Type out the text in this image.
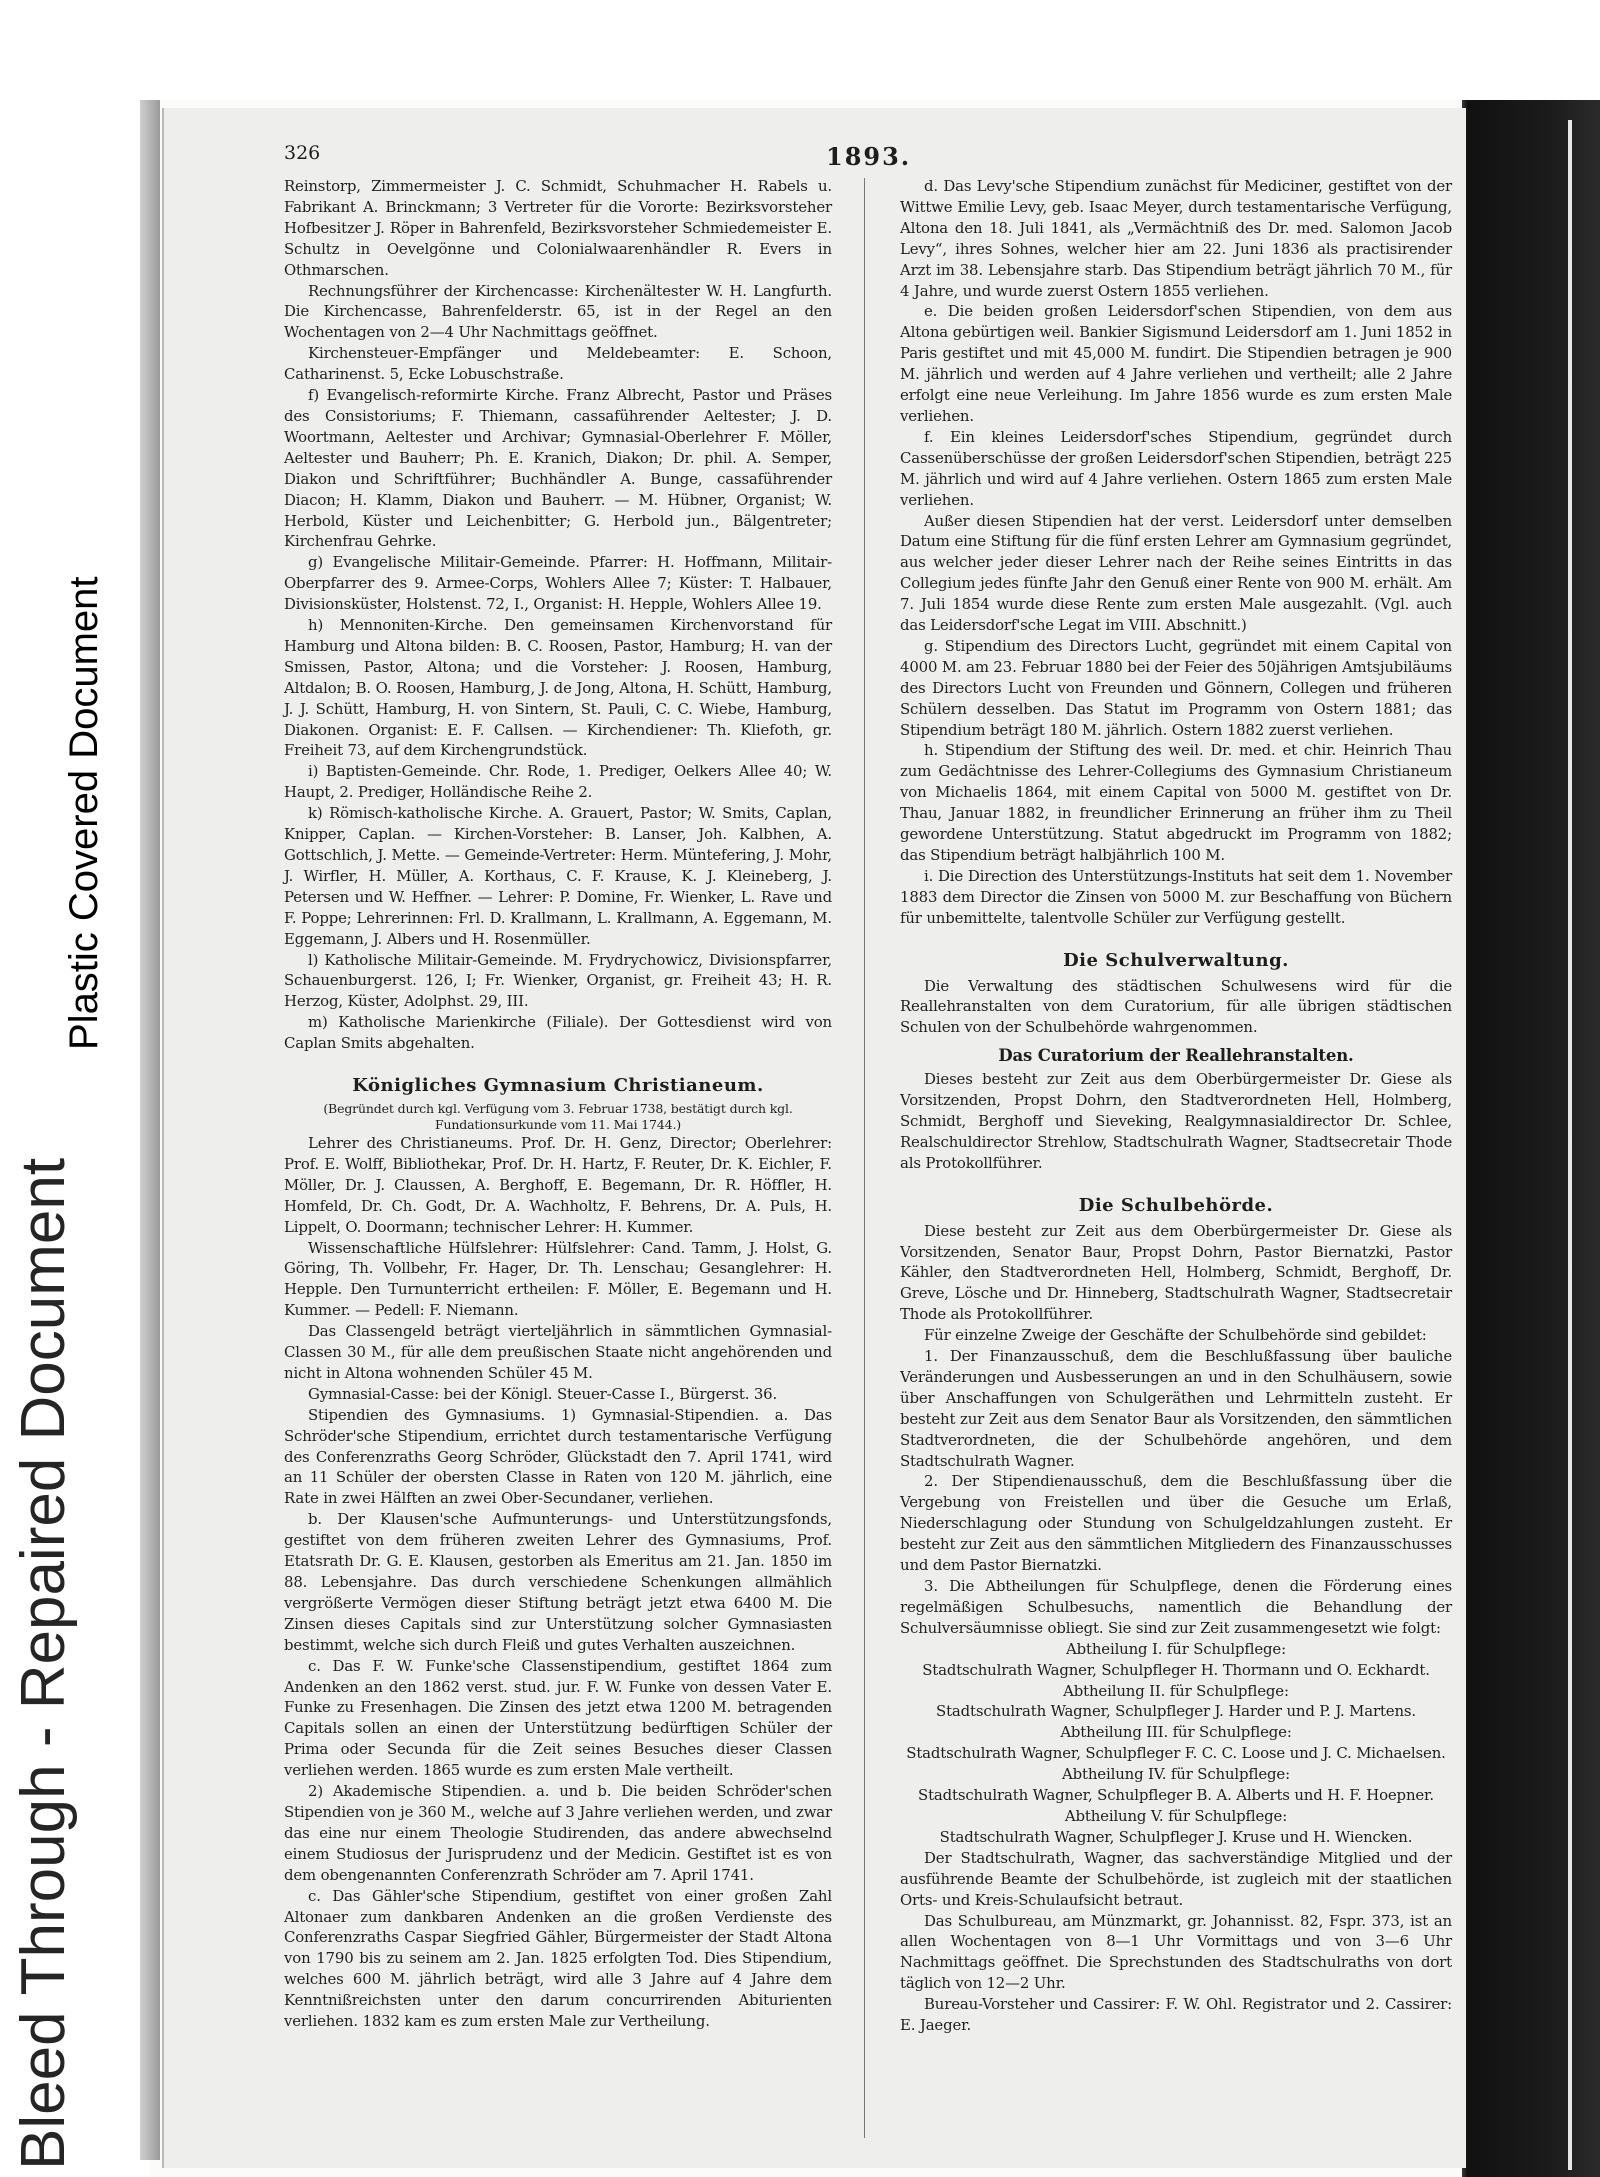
Bleed Through - Repaired Document
Plastic Covered Document
326	1893.

Reinstorp, Zimmermeister J. C. Schmidt, Schuhmacher H. Rabels u. Fabrikant A. Brinckmann; 3 Vertreter für die Vororte: Bezirksvorsteher Hofbesitzer J. Röper in Bahrenfeld, Bezirksvorsteher Schmiedemeister E. Schultz in Oevelgönne und Colonialwaarenhändler R. Evers in Othmarschen.

Rechnungsführer der Kirchencasse: Kirchenältester W. H. Langfurth. Die Kirchencasse, Bahrenfelderstr. 65, ist in der Regel an den Wochentagen von 2—4 Uhr Nachmittags geöffnet.

Kirchensteuer-Empfänger und Meldebeamter: E. Schoon, Catharinenst. 5, Ecke Lobuschstraße.

f) Evangelisch-reformirte Kirche. Franz Albrecht, Pastor und Präses des Consistoriums; F. Thiemann, cassaführender Aeltester; J. D. Woortmann, Aeltester und Archivar; Gymnasial-Oberlehrer F. Möller, Aeltester und Bauherr; Ph. E. Kranich, Diakon; Dr. phil. A. Semper, Diakon und Schriftführer; Buchhändler A. Bunge, cassaführender Diacon; H. Klamm, Diakon und Bauherr. — M. Hübner, Organist; W. Herbold, Küster und Leichenbitter; G. Herbold jun., Bälgentreter; Kirchenfrau Gehrke.

g) Evangelische Militair-Gemeinde. Pfarrer: H. Hoffmann, Militair-Oberpfarrer des 9. Armee-Corps, Wohlers Allee 7; Küster: T. Halbauer, Divisionsküster, Holstenst. 72, I., Organist: H. Hepple, Wohlers Allee 19.

h) Mennoniten-Kirche. Den gemeinsamen Kirchenvorstand für Hamburg und Altona bilden: B. C. Roosen, Pastor, Hamburg; H. van der Smissen, Pastor, Altona; und die Vorsteher: J. Roosen, Hamburg, Altdalon; B. O. Roosen, Hamburg, J. de Jong, Altona, H. Schütt, Hamburg, J. J. Schütt, Hamburg, H. von Sintern, St. Pauli, C. C. Wiebe, Hamburg, Diakonen. Organist: E. F. Callsen. — Kirchendiener: Th. Kliefoth, gr. Freiheit 73, auf dem Kirchengrundstück.

i) Baptisten-Gemeinde. Chr. Rode, 1. Prediger, Oelkers Allee 40; W. Haupt, 2. Prediger, Holländische Reihe 2.

k) Römisch-katholische Kirche. A. Grauert, Pastor; W. Smits, Caplan, Knipper, Caplan. — Kirchen-Vorsteher: B. Lanser, Joh. Kalbhen, A. Gottschlich, J. Mette. — Gemeinde-Vertreter: Herm. Müntefering, J. Mohr, J. Wirfler, H. Müller, A. Korthaus, C. F. Krause, K. J. Kleineberg, J. Petersen und W. Heffner. — Lehrer: P. Domine, Fr. Wienker, L. Rave und F. Poppe; Lehrerinnen: Frl. D. Krallmann, L. Krallmann, A. Eggemann, M. Eggemann, J. Albers und H. Rosenmüller.

l) Katholische Militair-Gemeinde. M. Frydrychowicz, Divisionspfarrer, Schauenburgerst. 126, I; Fr. Wienker, Organist, gr. Freiheit 43; H. R. Herzog, Küster, Adolphst. 29, III.

m) Katholische Marienkirche (Filiale). Der Gottesdienst wird von Caplan Smits abgehalten.

Königliches Gymnasium Christianeum.

(Begründet durch kgl. Verfügung vom 3. Februar 1738, bestätigt durch kgl. Fundationsurkunde vom 11. Mai 1744.)

Lehrer des Christianeums. Prof. Dr. H. Genz, Director; Oberlehrer: Prof. E. Wolff, Bibliothekar, Prof. Dr. H. Hartz, F. Reuter, Dr. K. Eichler, F. Möller, Dr. J. Claussen, A. Berghoff, E. Begemann, Dr. R. Höffler, H. Homfeld, Dr. Ch. Godt, Dr. A. Wachholtz, F. Behrens, Dr. A. Puls, H. Lippelt, O. Doormann; technischer Lehrer: H. Kummer.

Wissenschaftliche Hülfslehrer: Hülfslehrer: Cand. Tamm, J. Holst, G. Göring, Th. Vollbehr, Fr. Hager, Dr. Th. Lenschau; Gesanglehrer: H. Hepple. Den Turnunterricht ertheilen: F. Möller, E. Begemann und H. Kummer. — Pedell: F. Niemann.

Das Classengeld beträgt vierteljährlich in sämmtlichen Gymnasial-Classen 30 M., für alle dem preußischen Staate nicht angehörenden und nicht in Altona wohnenden Schüler 45 M.

Gymnasial-Casse: bei der Königl. Steuer-Casse I., Bürgerst. 36.

Stipendien des Gymnasiums. 1) Gymnasial-Stipendien. a. Das Schröder'sche Stipendium, errichtet durch testamentarische Verfügung des Conferenzraths Georg Schröder, Glückstadt den 7. April 1741, wird an 11 Schüler der obersten Classe in Raten von 120 M. jährlich, eine Rate in zwei Hälften an zwei Ober-Secundaner, verliehen.

b. Der Klausen'sche Aufmunterungs- und Unterstützungsfonds, gestiftet von dem früheren zweiten Lehrer des Gymnasiums, Prof. Etatsrath Dr. G. E. Klausen, gestorben als Emeritus am 21. Jan. 1850 im 88. Lebensjahre. Das durch verschiedene Schenkungen allmählich vergrößerte Vermögen dieser Stiftung beträgt jetzt etwa 6400 M. Die Zinsen dieses Capitals sind zur Unterstützung solcher Gymnasiasten bestimmt, welche sich durch Fleiß und gutes Verhalten auszeichnen.

c. Das F. W. Funke'sche Classenstipendium, gestiftet 1864 zum Andenken an den 1862 verst. stud. jur. F. W. Funke von dessen Vater E. Funke zu Fresenhagen. Die Zinsen des jetzt etwa 1200 M. betragenden Capitals sollen an einen der Unterstützung bedürftigen Schüler der Prima oder Secunda für die Zeit seines Besuches dieser Classen verliehen werden. 1865 wurde es zum ersten Male vertheilt.

2) Akademische Stipendien. a. und b. Die beiden Schröder'schen Stipendien von je 360 M., welche auf 3 Jahre verliehen werden, und zwar das eine nur einem Theologie Studirenden, das andere abwechselnd einem Studiosus der Jurisprudenz und der Medicin. Gestiftet ist es von dem obengenannten Conferenzrath Schröder am 7. April 1741.

c. Das Gähler'sche Stipendium, gestiftet von einer großen Zahl Altonaer zum dankbaren Andenken an die großen Verdienste des Conferenzraths Caspar Siegfried Gähler, Bürgermeister der Stadt Altona von 1790 bis zu seinem am 2. Jan. 1825 erfolgten Tod. Dies Stipendium, welches 600 M. jährlich beträgt, wird alle 3 Jahre auf 4 Jahre dem Kenntnißreichsten unter den darum concurrirenden Abiturienten verliehen. 1832 kam es zum ersten Male zur Vertheilung.

d. Das Levy'sche Stipendium zunächst für Mediciner, gestiftet von der Wittwe Emilie Levy, geb. Isaac Meyer, durch testamentarische Verfügung, Altona den 18. Juli 1841, als „Vermächtniß des Dr. med. Salomon Jacob Levy“, ihres Sohnes, welcher hier am 22. Juni 1836 als practisirender Arzt im 38. Lebensjahre starb. Das Stipendium beträgt jährlich 70 M., für 4 Jahre, und wurde zuerst Ostern 1855 verliehen.

e. Die beiden großen Leidersdorf'schen Stipendien, von dem aus Altona gebürtigen weil. Bankier Sigismund Leidersdorf am 1. Juni 1852 in Paris gestiftet und mit 45,000 M. fundirt. Die Stipendien betragen je 900 M. jährlich und werden auf 4 Jahre verliehen und vertheilt; alle 2 Jahre erfolgt eine neue Verleihung. Im Jahre 1856 wurde es zum ersten Male verliehen.

f. Ein kleines Leidersdorf'sches Stipendium, gegründet durch Cassenüberschüsse der großen Leidersdorf'schen Stipendien, beträgt 225 M. jährlich und wird auf 4 Jahre verliehen. Ostern 1865 zum ersten Male verliehen.

Außer diesen Stipendien hat der verst. Leidersdorf unter demselben Datum eine Stiftung für die fünf ersten Lehrer am Gymnasium gegründet, aus welcher jeder dieser Lehrer nach der Reihe seines Eintritts in das Collegium jedes fünfte Jahr den Genuß einer Rente von 900 M. erhält. Am 7. Juli 1854 wurde diese Rente zum ersten Male ausgezahlt. (Vgl. auch das Leidersdorf'sche Legat im VIII. Abschnitt.)

g. Stipendium des Directors Lucht, gegründet mit einem Capital von 4000 M. am 23. Februar 1880 bei der Feier des 50jährigen Amtsjubiläums des Directors Lucht von Freunden und Gönnern, Collegen und früheren Schülern desselben. Das Statut im Programm von Ostern 1881; das Stipendium beträgt 180 M. jährlich. Ostern 1882 zuerst verliehen.

h. Stipendium der Stiftung des weil. Dr. med. et chir. Heinrich Thau zum Gedächtnisse des Lehrer-Collegiums des Gymnasium Christianeum von Michaelis 1864, mit einem Capital von 5000 M. gestiftet von Dr. Thau, Januar 1882, in freundlicher Erinnerung an früher ihm zu Theil gewordene Unterstützung. Statut abgedruckt im Programm von 1882; das Stipendium beträgt halbjährlich 100 M.

i. Die Direction des Unterstützungs-Instituts hat seit dem 1. November 1883 dem Director die Zinsen von 5000 M. zur Beschaffung von Büchern für unbemittelte, talentvolle Schüler zur Verfügung gestellt.

Die Schulverwaltung.

Die Verwaltung des städtischen Schulwesens wird für die Reallehranstalten von dem Curatorium, für alle übrigen städtischen Schulen von der Schulbehörde wahrgenommen.

Das Curatorium der Reallehranstalten.

Dieses besteht zur Zeit aus dem Oberbürgermeister Dr. Giese als Vorsitzenden, Propst Dohrn, den Stadtverordneten Hell, Holmberg, Schmidt, Berghoff und Sieveking, Realgymnasialdirector Dr. Schlee, Realschuldirector Strehlow, Stadtschulrath Wagner, Stadtsecretair Thode als Protokollführer.

Die Schulbehörde.

Diese besteht zur Zeit aus dem Oberbürgermeister Dr. Giese als Vorsitzenden, Senator Baur, Propst Dohrn, Pastor Biernatzki, Pastor Kähler, den Stadtverordneten Hell, Holmberg, Schmidt, Berghoff, Dr. Greve, Lösche und Dr. Hinneberg, Stadtschulrath Wagner, Stadtsecretair Thode als Protokollführer.

Für einzelne Zweige der Geschäfte der Schulbehörde sind gebildet:

1. Der Finanzausschuß, dem die Beschlußfassung über bauliche Veränderungen und Ausbesserungen an und in den Schulhäusern, sowie über Anschaffungen von Schulgeräthen und Lehrmitteln zusteht. Er besteht zur Zeit aus dem Senator Baur als Vorsitzenden, den sämmtlichen Stadtverordneten, die der Schulbehörde angehören, und dem Stadtschulrath Wagner.

2. Der Stipendienausschuß, dem die Beschlußfassung über die Vergebung von Freistellen und über die Gesuche um Erlaß, Niederschlagung oder Stundung von Schulgeldzahlungen zusteht. Er besteht zur Zeit aus den sämmtlichen Mitgliedern des Finanzausschusses und dem Pastor Biernatzki.

3. Die Abtheilungen für Schulpflege, denen die Förderung eines regelmäßigen Schulbesuchs, namentlich die Behandlung der Schulversäumnisse obliegt. Sie sind zur Zeit zusammengesetzt wie folgt:

Abtheilung I. für Schulpflege:

Stadtschulrath Wagner, Schulpfleger H. Thormann und O. Eckhardt.

Abtheilung II. für Schulpflege:

Stadtschulrath Wagner, Schulpfleger J. Harder und P. J. Martens.

Abtheilung III. für Schulpflege:

Stadtschulrath Wagner, Schulpfleger F. C. C. Loose und J. C. Michaelsen.

Abtheilung IV. für Schulpflege:

Stadtschulrath Wagner, Schulpfleger B. A. Alberts und H. F. Hoepner.

Abtheilung V. für Schulpflege:

Stadtschulrath Wagner, Schulpfleger J. Kruse und H. Wiencken.

Der Stadtschulrath, Wagner, das sachverständige Mitglied und der ausführende Beamte der Schulbehörde, ist zugleich mit der staatlichen Orts- und Kreis-Schulaufsicht betraut.

Das Schulbureau, am Münzmarkt, gr. Johannisst. 82, Fspr. 373, ist an allen Wochentagen von 8—1 Uhr Vormittags und von 3—6 Uhr Nachmittags geöffnet. Die Sprechstunden des Stadtschulraths von dort täglich von 12—2 Uhr.

Bureau-Vorsteher und Cassirer: F. W. Ohl. Registrator und 2. Cassirer: E. Jaeger.
